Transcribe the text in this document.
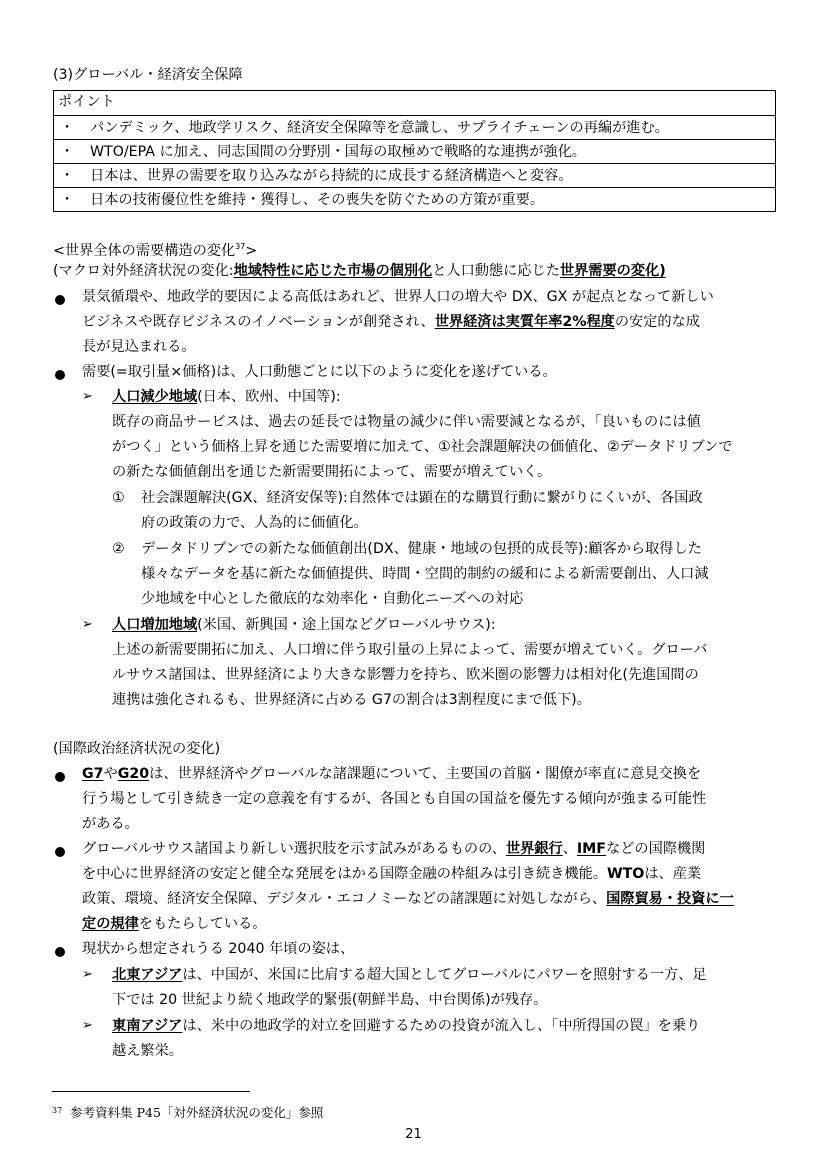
(3)グローバル・経済安全保障
ポイント
・ パンデミック、地政学リスク、経済安全保障等を意識し、サプライチェーンの再編が進む。
・ WTO/EPA に加え、同志国間の分野別・国毎の取極めで戦略的な連携が強化。
・ 日本は、世界の需要を取り込みながら持続的に成長する経済構造へと変容。
・ 日本の技術優位性を維持・獲得し、その喪失を防ぐための方策が重要。
<世界全体の需要構造の変化$^{37}$>
(マクロ対外経済状況の変化:地域特性に応じた市場の個別化と人口動態に応じた世界需要の変化)
景気循環や、地政学的要因による高低はあれど、世界人口の増大や DX、GX が起点となって新しい
ビジネスや既存ビジネスのイノベーションが創発され、世界経済は実質年率2%程度の安定的な成
長が見込まれる。
需要(=取引量×価格)は、人口動態ごとに以下のように変化を遂げている。
➢ 人口減少地域(日本、欧州、中国等):
既存の商品サービスは、過去の延長では物量の減少に伴い需要減となるが、「良いものには値
がつく」という価格上昇を通じた需要増に加えて、①社会課題解決の価値化、②データドリブンで
の新たな価値創出を通じた新需要開拓によって、需要が増えていく。
① 社会課題解決(GX、経済安保等):自然体では顕在的な購買行動に繋がりにくいが、各国政
府の政策の力で、人為的に価値化。
② データドリブンでの新たな価値創出(DX、健康・地域の包摂的成長等):顧客から取得した
様々なデータを基に新たな価値提供、時間・空間的制約の緩和による新需要創出、人口減
少地域を中心とした徹底的な効率化・自動化ニーズへの対応
➢ 人口増加地域(米国、新興国・途上国などグローバルサウス):
上述の新需要開拓に加え、人口増に伴う取引量の上昇によって、需要が増えていく。グローバ
ルサウス諸国は、世界経済により大きな影響力を持ち、欧米圏の影響力は相対化(先進国間の
連携は強化されるも、世界経済に占める G7の割合は3割程度にまで低下)。
(国際政治経済状況の変化)
G7やG20は、世界経済やグローバルな諸課題について、主要国の首脳・閣僚が率直に意見交換を
行う場として引き続き一定の意義を有するが、各国とも自国の国益を優先する傾向が強まる可能性
がある。
グローバルサウス諸国より新しい選択肢を示す試みがあるものの、世界銀行、IMFなどの国際機関
を中心に世界経済の安定と健全な発展をはかる国際金融の枠組みは引き続き機能。WTOは、産業
政策、環境、経済安全保障、デジタル・エコノミーなどの諸課題に対処しながら、国際貿易・投資に一
定の規律をもたらしている。
現状から想定されうる 2040 年頃の姿は、
➢ 北東アジアは、中国が、米国に比肩する超大国としてグローバルにパワーを照射する一方、足
下では 20 世紀より続く地政学的緊張(朝鮮半島、中台関係)が残存。
➢ 東南アジアは、米中の地政学的対立を回避するための投資が流入し、「中所得国の罠」を乗り
越え繁栄。
$^{37}$ 参考資料集 P45「対外経済状況の変化」参照
21
